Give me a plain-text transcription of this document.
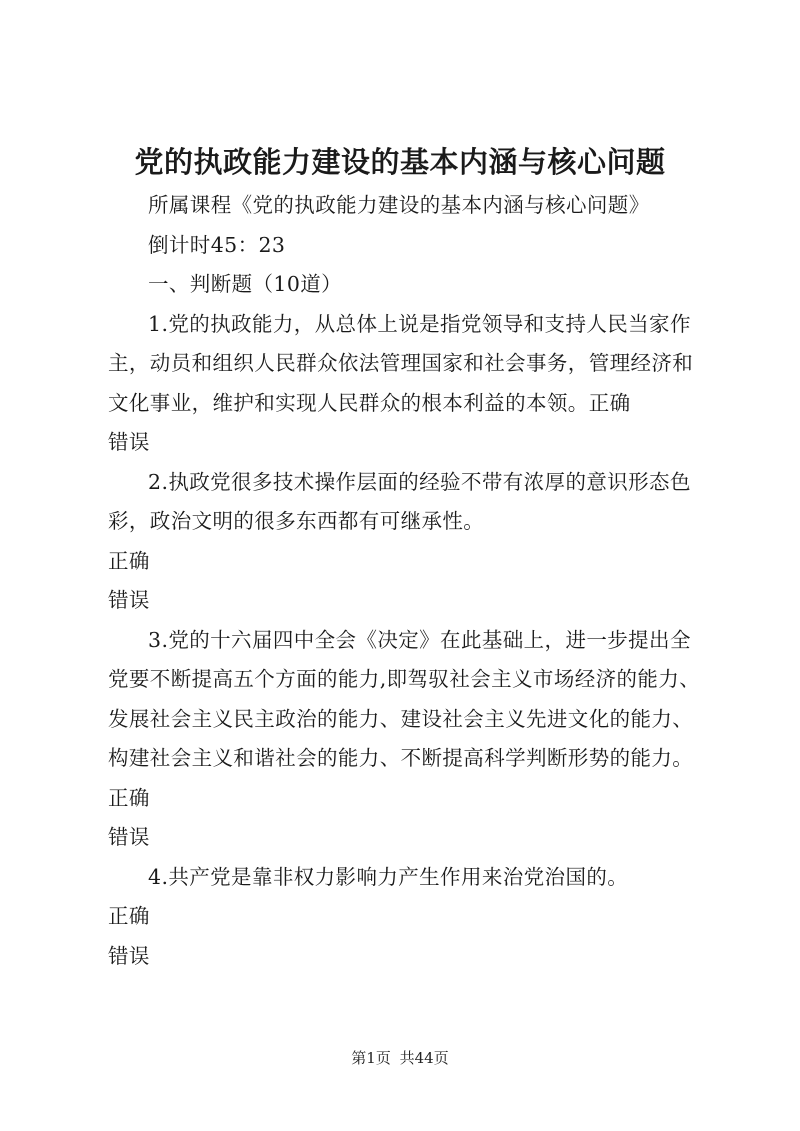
党的执政能力建设的基本内涵与核心问题

所属课程《党的执政能力建设的基本内涵与核心问题》

倒计时45：23

一、判断题（10道）

1.党的执政能力，从总体上说是指党领导和支持人民当家作主，动员和组织人民群众依法管理国家和社会事务，管理经济和文化事业，维护和实现人民群众的根本利益的本领。正确

错误

2.执政党很多技术操作层面的经验不带有浓厚的意识形态色彩，政治文明的很多东西都有可继承性。

正确

错误

3.党的十六届四中全会《决定》在此基础上，进一步提出全党要不断提高五个方面的能力,即驾驭社会主义市场经济的能力、发展社会主义民主政治的能力、建设社会主义先进文化的能力、构建社会主义和谐社会的能力、不断提高科学判断形势的能力。

正确

错误

4.共产党是靠非权力影响力产生作用来治党治国的。

正确

错误

第1页 共44页
